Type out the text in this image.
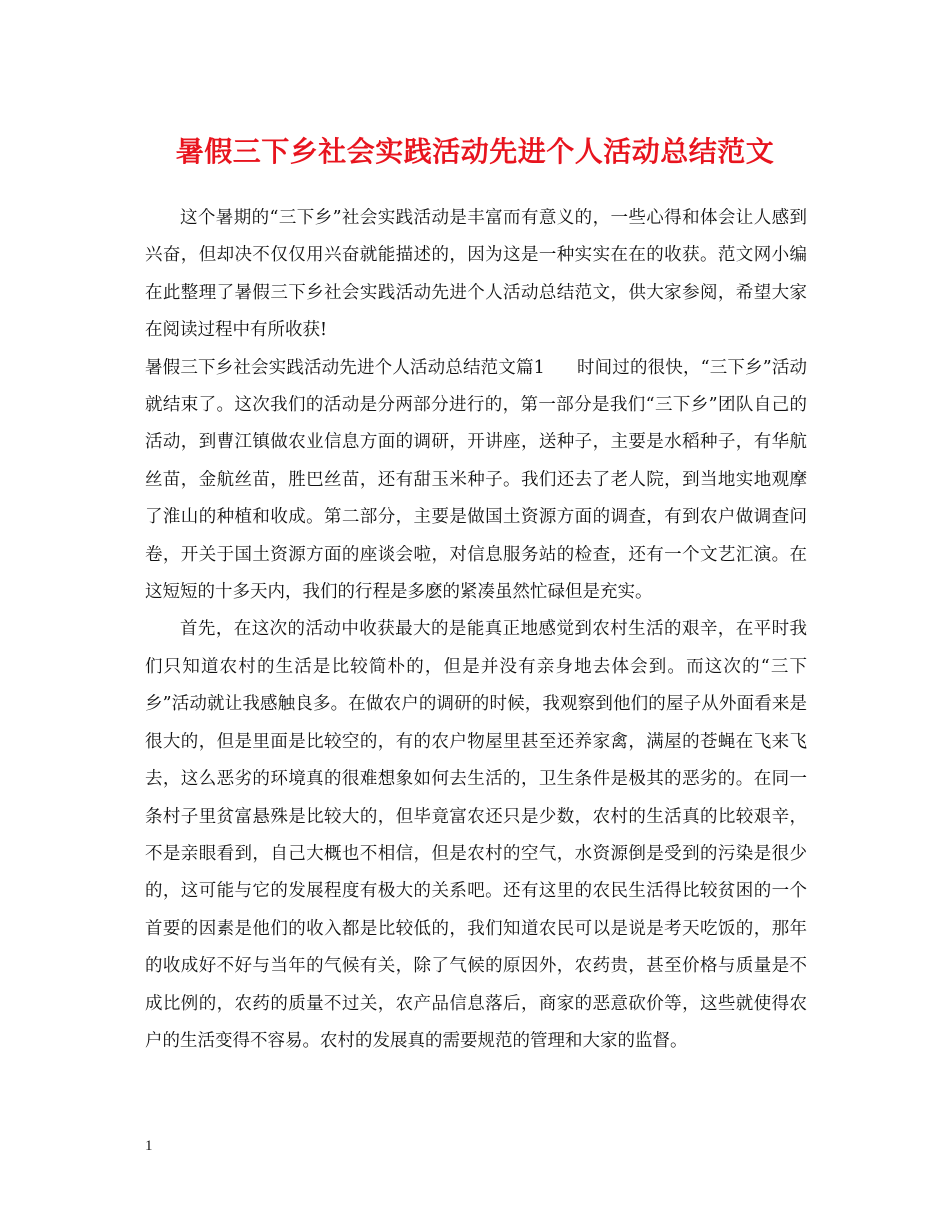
暑假三下乡社会实践活动先进个人活动总结范文

这个暑期的“三下乡”社会实践活动是丰富而有意义的，一些心得和体会让人感到兴奋，但却决不仅仅用兴奋就能描述的，因为这是一种实实在在的收获。范文网小编在此整理了暑假三下乡社会实践活动先进个人活动总结范文，供大家参阅，希望大家在阅读过程中有所收获!

暑假三下乡社会实践活动先进个人活动总结范文篇1 时间过的很快，“三下乡”活动就结束了。这次我们的活动是分两部分进行的，第一部分是我们“三下乡”团队自己的活动，到曹江镇做农业信息方面的调研，开讲座，送种子，主要是水稻种子，有华航丝苗，金航丝苗，胜巴丝苗，还有甜玉米种子。我们还去了老人院，到当地实地观摩了淮山的种植和收成。第二部分，主要是做国土资源方面的调查，有到农户做调查问卷，开关于国土资源方面的座谈会啦，对信息服务站的检查，还有一个文艺汇演。在这短短的十多天内，我们的行程是多麽的紧凑虽然忙碌但是充实。

首先，在这次的活动中收获最大的是能真正地感觉到农村生活的艰辛，在平时我们只知道农村的生活是比较简朴的，但是并没有亲身地去体会到。而这次的“三下乡”活动就让我感触良多。在做农户的调研的时候，我观察到他们的屋子从外面看来是很大的，但是里面是比较空的，有的农户物屋里甚至还养家禽，满屋的苍蝇在飞来飞去，这么恶劣的环境真的很难想象如何去生活的，卫生条件是极其的恶劣的。在同一条村子里贫富悬殊是比较大的，但毕竟富农还只是少数，农村的生活真的比较艰辛，不是亲眼看到，自己大概也不相信，但是农村的空气，水资源倒是受到的污染是很少的，这可能与它的发展程度有极大的关系吧。还有这里的农民生活得比较贫困的一个首要的因素是他们的收入都是比较低的，我们知道农民可以是说是考天吃饭的，那年的收成好不好与当年的气候有关，除了气候的原因外，农药贵，甚至价格与质量是不成比例的，农药的质量不过关，农产品信息落后，商家的恶意砍价等，这些就使得农户的生活变得不容易。农村的发展真的需要规范的管理和大家的监督。

1
